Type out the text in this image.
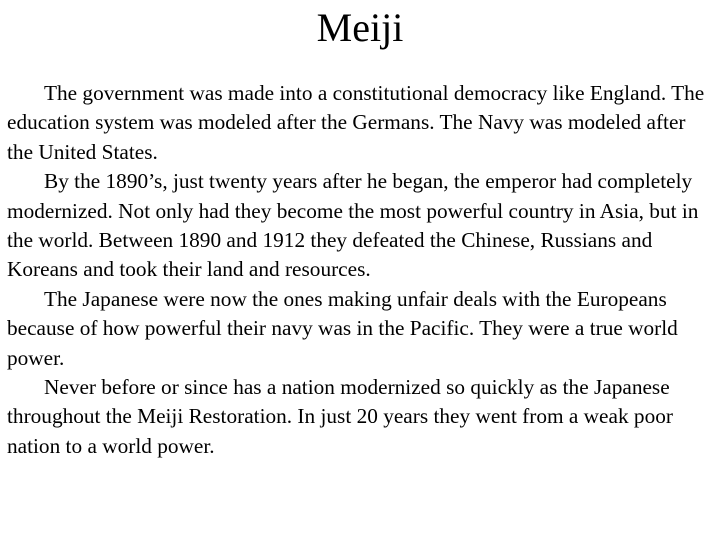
Meiji

The government was made into a constitutional democracy like England. The education system was modeled after the Germans. The Navy was modeled after the United States.

By the 1890’s, just twenty years after he began, the emperor had completely modernized. Not only had they become the most powerful country in Asia, but in the world. Between 1890 and 1912 they defeated the Chinese, Russians and Koreans and took their land and resources.

The Japanese were now the ones making unfair deals with the Europeans because of how powerful their navy was in the Pacific. They were a true world power.

Never before or since has a nation modernized so quickly as the Japanese throughout the Meiji Restoration. In just 20 years they went from a weak poor nation to a world power.
